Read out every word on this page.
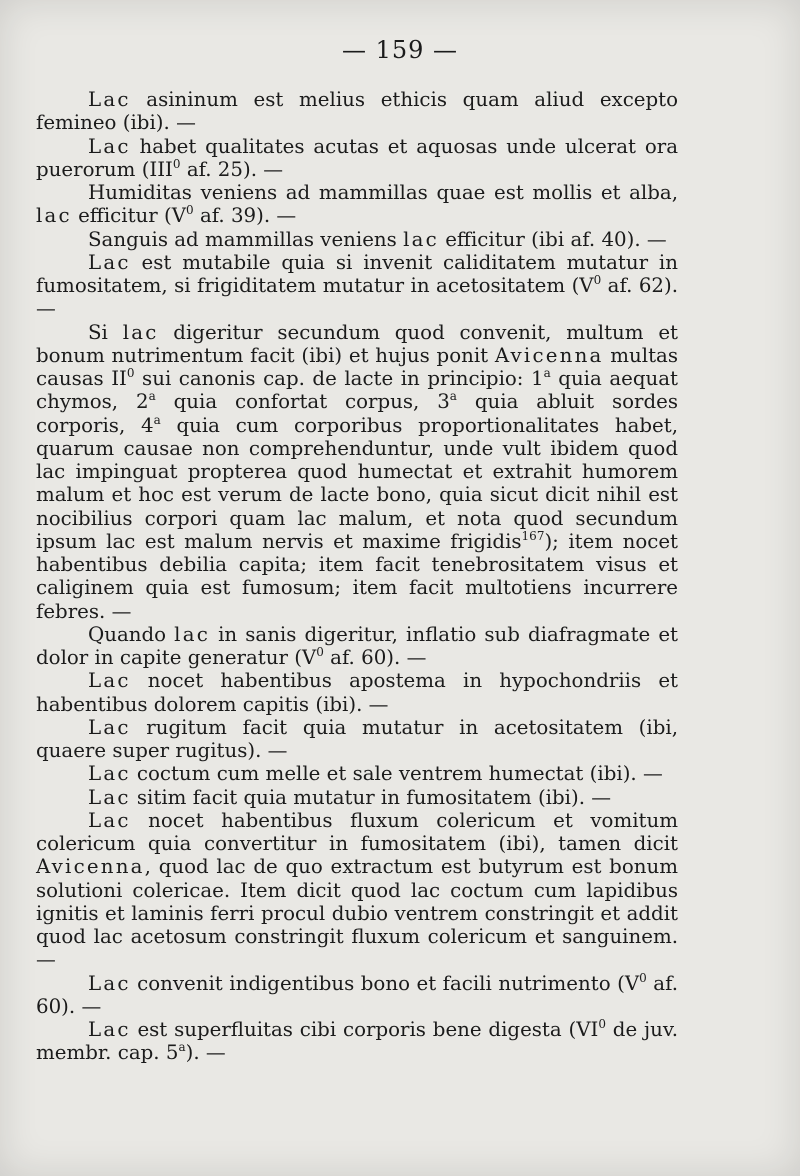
— 159 —

Lac asininum est melius ethicis quam aliud excepto femineo (ibi). —

Lac habet qualitates acutas et aquosas unde ulcerat ora puerorum (III$^0$ af. 25). —

Humiditas veniens ad mammillas quae est mollis et alba, lac efficitur ($V^0$ af. 39). —

Sanguis ad mammillas veniens lac efficitur (ibi af. 40). —

Lac est mutabile quia si invenit caliditatem mutatur in fumositatem, si frigiditatem mutatur in acetositatem ($V^0$ af. 62). —

Si lac digeritur secundum quod convenit, multum et bonum nutrimentum facit (ibi) et hujus ponit Avicenna multas causas $II^0$ sui canonis cap. de lacte in principio: 1$^a$ quia aequat chymos, 2$^a$ quia confortat corpus, 3$^a$ quia abluit sordes corporis, 4$^a$ quia cum corporibus proportionalitates habet, quarum causae non comprehenduntur, unde vult ibidem quod lac impinguat propterea quod humectat et extrahit humorem malum et hoc est verum de lacte bono, quia sicut dicit nihil est nocibilius corpori quam lac malum, et nota quod secundum ipsum lac est malum nervis et maxime frigidis$^{167}$); item nocet habentibus debilia capita; item facit tenebrositatem visus et caliginem quia est fumosum; item facit multotiens incurrere febres. —

Quando lac in sanis digeritur, inflatio sub diafragmate et dolor in capite generatur ($V^0$ af. 60). —

Lac nocet habentibus apostema in hypochondriis et habentibus dolorem capitis (ibi). —

Lac rugitum facit quia mutatur in acetositatem (ibi, quaere super rugitus). —

Lac coctum cum melle et sale ventrem humectat (ibi). —

Lac sitim facit quia mutatur in fumositatem (ibi). —

Lac nocet habentibus fluxum colericum et vomitum colericum quia convertitur in fumositatem (ibi), tamen dicit Avicenna, quod lac de quo extractum est butyrum est bonum solutioni colericae. Item dicit quod lac coctum cum lapidibus ignitis et laminis ferri procul dubio ventrem constringit et addit quod lac acetosum constringit fluxum colericum et sanguinem. —

Lac convenit indigentibus bono et facili nutrimento ($V^0$ af. 60). —

Lac est superfluitas cibi corporis bene digesta ($VI^0$ de juv. membr. cap. 5$^a$). —
